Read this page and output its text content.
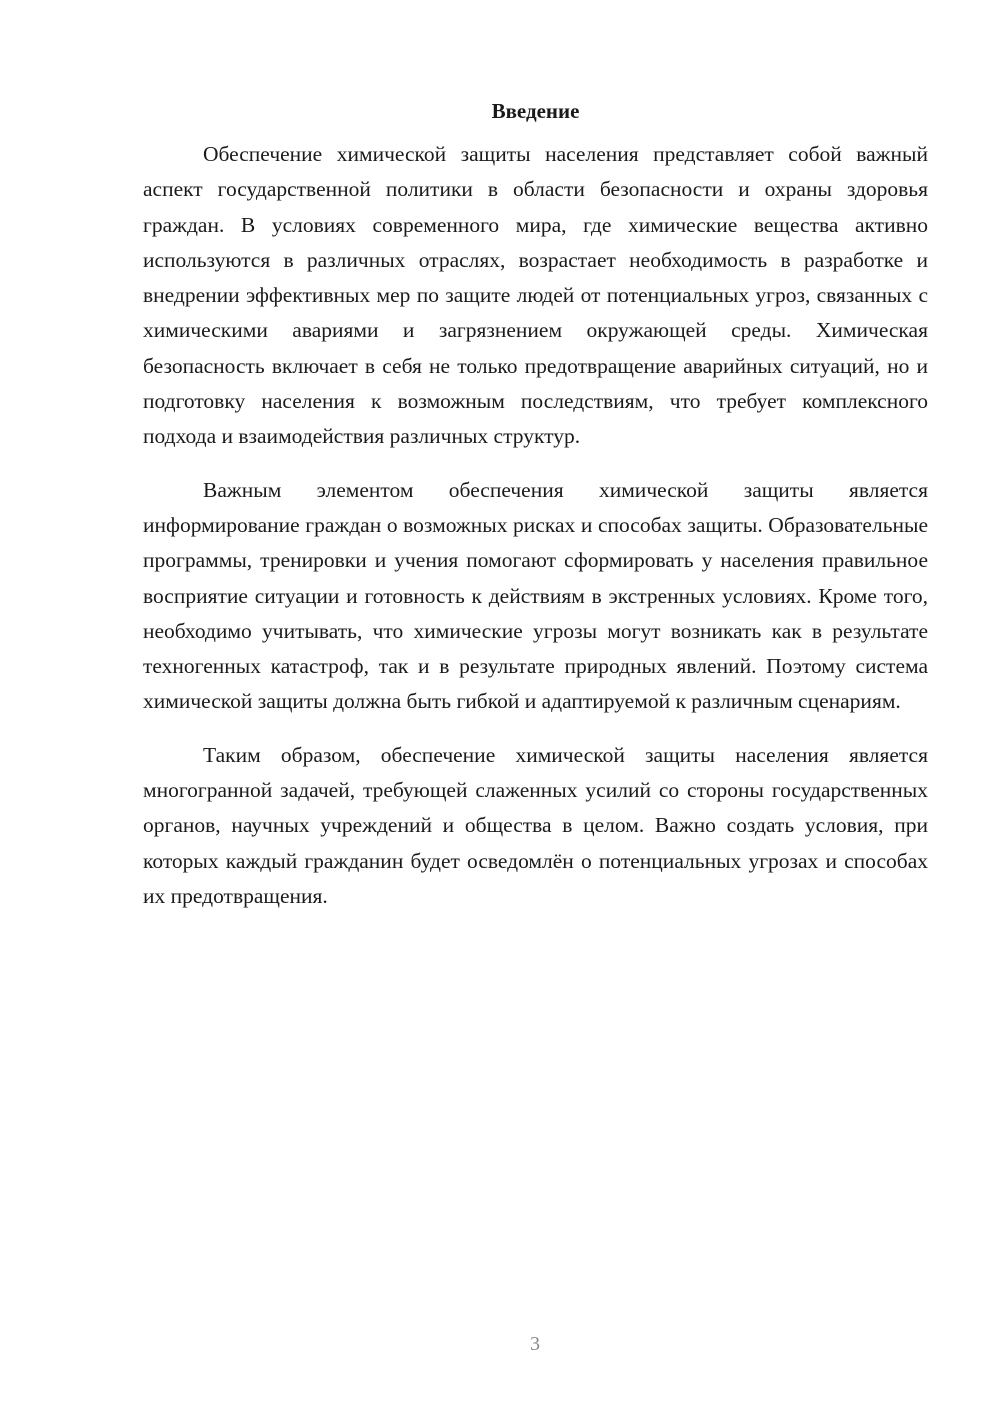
Введение

Обеспечение химической защиты населения представляет собой важный аспект государственной политики в области безопасности и охраны здоровья граждан. В условиях современного мира, где химические вещества активно используются в различных отраслях, возрастает необходимость в разработке и внедрении эффективных мер по защите людей от потенциальных угроз, связанных с химическими авариями и загрязнением окружающей среды. Химическая безопасность включает в себя не только предотвращение аварийных ситуаций, но и подготовку населения к возможным последствиям, что требует комплексного подхода и взаимодействия различных структур.

Важным элементом обеспечения химической защиты является информирование граждан о возможных рисках и способах защиты. Образовательные программы, тренировки и учения помогают сформировать у населения правильное восприятие ситуации и готовность к действиям в экстренных условиях. Кроме того, необходимо учитывать, что химические угрозы могут возникать как в результате техногенных катастроф, так и в результате природных явлений. Поэтому система химической защиты должна быть гибкой и адаптируемой к различным сценариям.

Таким образом, обеспечение химической защиты населения является многогранной задачей, требующей слаженных усилий со стороны государственных органов, научных учреждений и общества в целом. Важно создать условия, при которых каждый гражданин будет осведомлён о потенциальных угрозах и способах их предотвращения.

3
